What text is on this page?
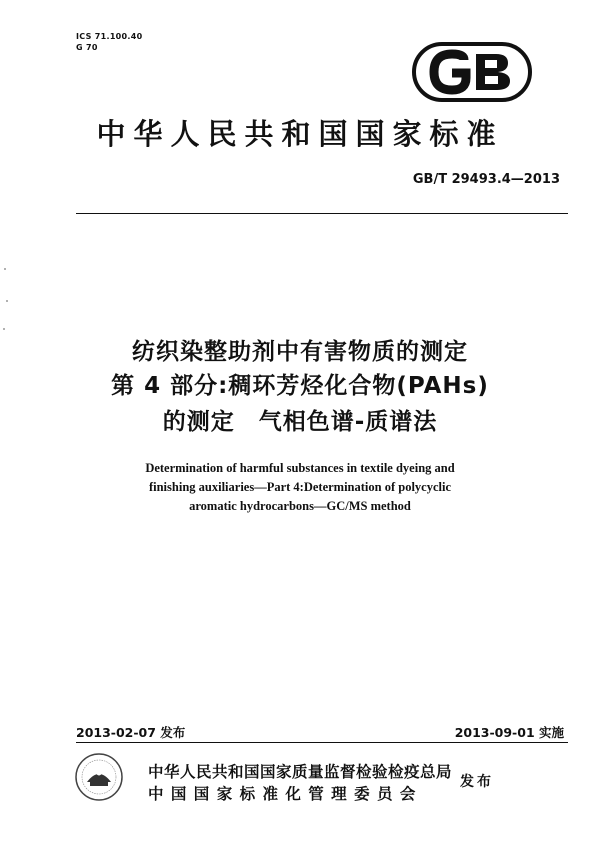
ICS 71.100.40
G 70
中华人民共和国国家标准
GB/T 29493.4—2013
纺织染整助剂中有害物质的测定
第 4 部分:稠环芳烃化合物(PAHs)
的测定　气相色谱-质谱法
Determination of harmful substances in textile dyeing and
finishing auxiliaries—Part 4:Determination of polycyclic
aromatic hydrocarbons—GC/MS method
2013-02-07 发布	2013-09-01 实施
中华人民共和国国家质量监督检验检疫总局
中 国 国 家 标 准 化 管 理 委 员 会
发布
